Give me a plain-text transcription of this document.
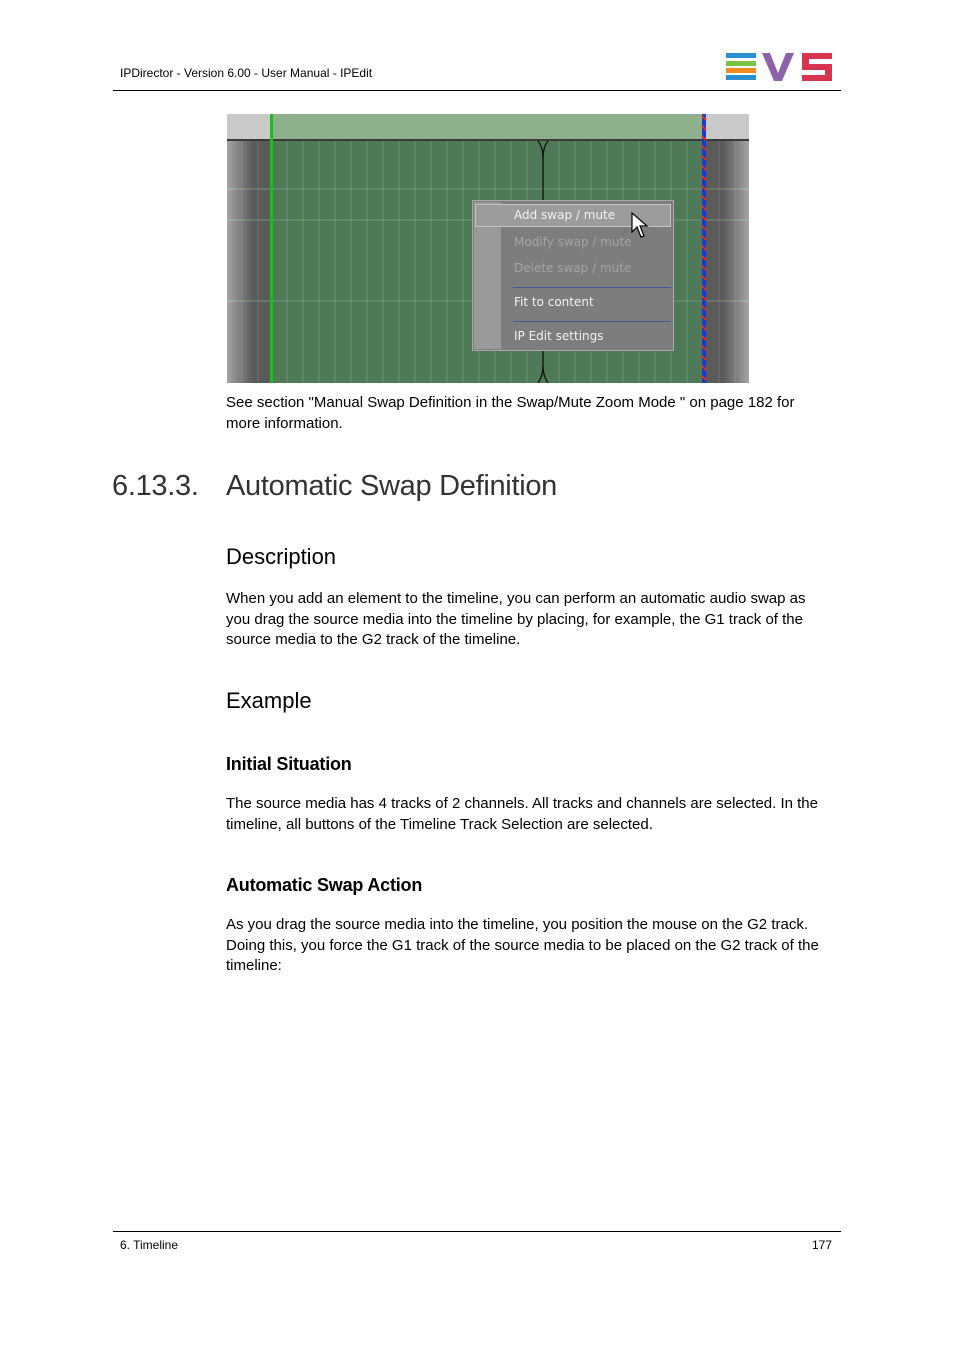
IPDirector - Version 6.00 - User Manual - IPEdit
Add swap / mute
Modify swap / mute
Delete swap / mute
Fit to content
IP Edit settings
See section "Manual Swap Definition in the Swap/Mute Zoom Mode " on page 182 for more information.
6.13.3. Automatic Swap Definition
Description
When you add an element to the timeline, you can perform an automatic audio swap as you drag the source media into the timeline by placing, for example, the G1 track of the source media to the G2 track of the timeline.
Example
Initial Situation
The source media has 4 tracks of 2 channels. All tracks and channels are selected. In the timeline, all buttons of the Timeline Track Selection are selected.
Automatic Swap Action
As you drag the source media into the timeline, you position the mouse on the G2 track. Doing this, you force the G1 track of the source media to be placed on the G2 track of the timeline:
6. Timeline	177
